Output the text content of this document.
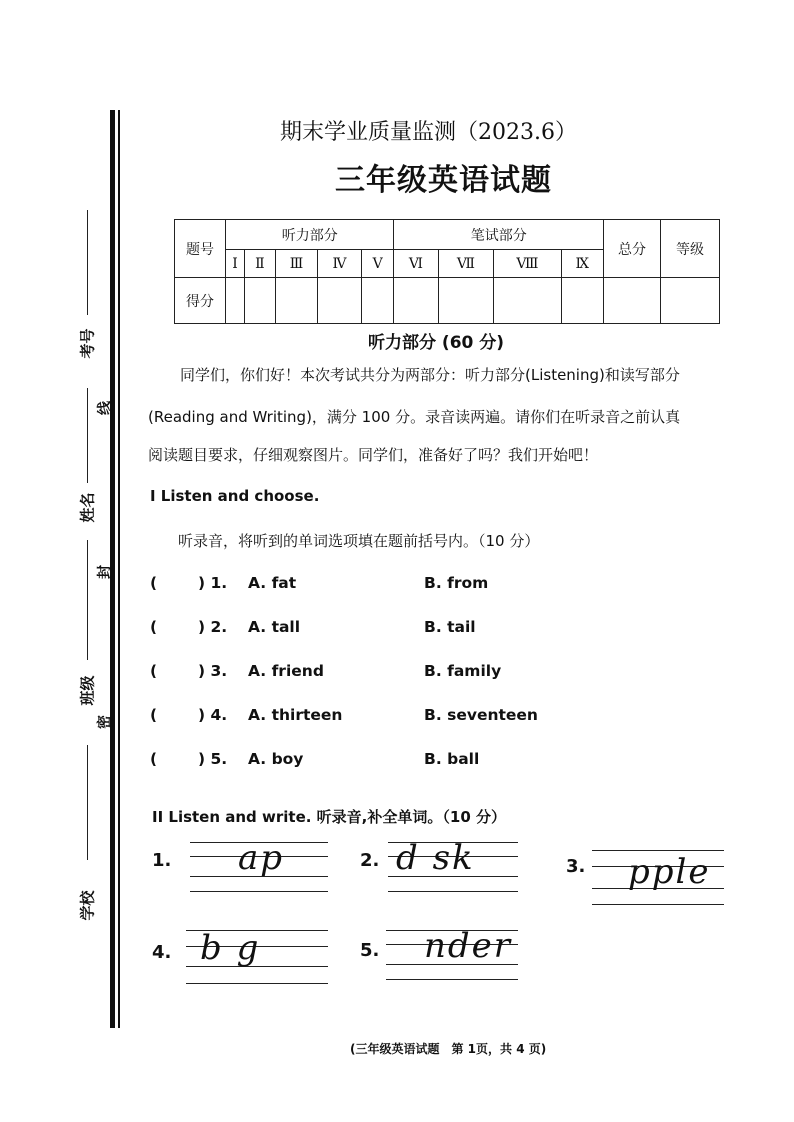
考号
线
姓名
封
班级
密
学校
期末学业质量监测（2023.6）
三年级英语试题
题号	听力部分					笔试部分				总分	等级
	Ⅰ	Ⅱ	Ⅲ	Ⅳ	Ⅴ	Ⅵ	Ⅶ	Ⅷ	Ⅸ		
得分											
听力部分 (60 分)
同学们，你们好！本次考试共分为两部分：听力部分(Listening)和读写部分
(Reading and Writing)，满分 100 分。录音读两遍。请你们在听录音之前认真
阅读题目要求，仔细观察图片。同学们，准备好了吗？我们开始吧！
I Listen and choose.
听录音，将听到的单词选项填在题前括号内。（10 分）
(	) 1. A. fat	B. from
(	) 2. A. tall	B. tail
(	) 3. A. friend	B. family
(	) 4. A. thirteen	B. seventeen
(	) 5. A. boy	B. ball
II Listen and write. 听录音,补全单词。（10 分）
1. ap	2. d sk	3. pple
4. b g	5. nder
(三年级英语试题　第 1页，共 4 页)
